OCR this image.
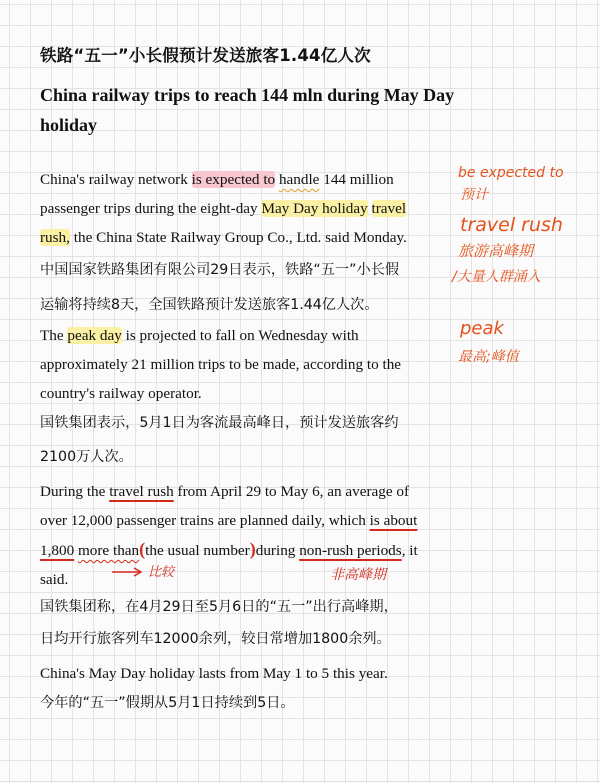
铁路“五一”小长假预计发送旅客1.44亿人次
China railway trips to reach 144 mln during May Day holiday
China's railway network is expected to handle 144 million
passenger trips during the eight-day May Day holiday travel
rush, the China State Railway Group Co., Ltd. said Monday.
中国国家铁路集团有限公司29日表示，铁路“五一”小长假
运输将持续8天，全国铁路预计发送旅客1.44亿人次。
The peak day is projected to fall on Wednesday with
approximately 21 million trips to be made, according to the
country's railway operator.
国铁集团表示，5月1日为客流最高峰日，预计发送旅客约
2100万人次。
During the travel rush from April 29 to May 6, an average of
over 12,000 passenger trains are planned daily, which is about
1,800 more than(the usual number)during non-rush periods, it
said.
国铁集团称，在4月29日至5月6日的“五一”出行高峰期，
日均开行旅客列车12000余列，较日常增加1800余列。
China's May Day holiday lasts from May 1 to 5 this year.
今年的“五一”假期从5月1日持续到5日。
be expected to
预计
travel rush
旅游高峰期
/大量人群涌入
peak
最高;峰值
比较	非高峰期
